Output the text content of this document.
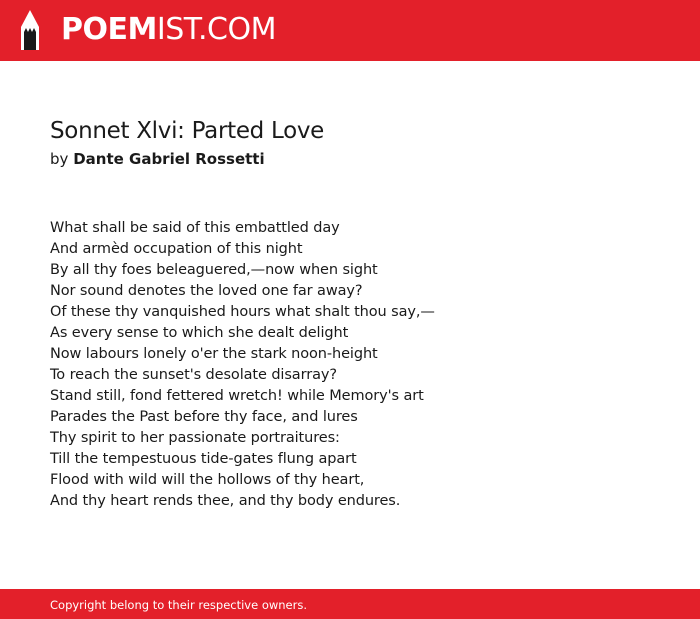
POEMIST.COM
Sonnet Xlvi: Parted Love
by Dante Gabriel Rossetti
What shall be said of this embattled day
And armèd occupation of this night
By all thy foes beleaguered,—now when sight
Nor sound denotes the loved one far away?
Of these thy vanquished hours what shalt thou say,—
As every sense to which she dealt delight
Now labours lonely o'er the stark noon-height
To reach the sunset's desolate disarray?
Stand still, fond fettered wretch! while Memory's art
Parades the Past before thy face, and lures
Thy spirit to her passionate portraitures:
Till the tempestuous tide-gates flung apart
Flood with wild will the hollows of thy heart,
And thy heart rends thee, and thy body endures.
Copyright belong to their respective owners.
